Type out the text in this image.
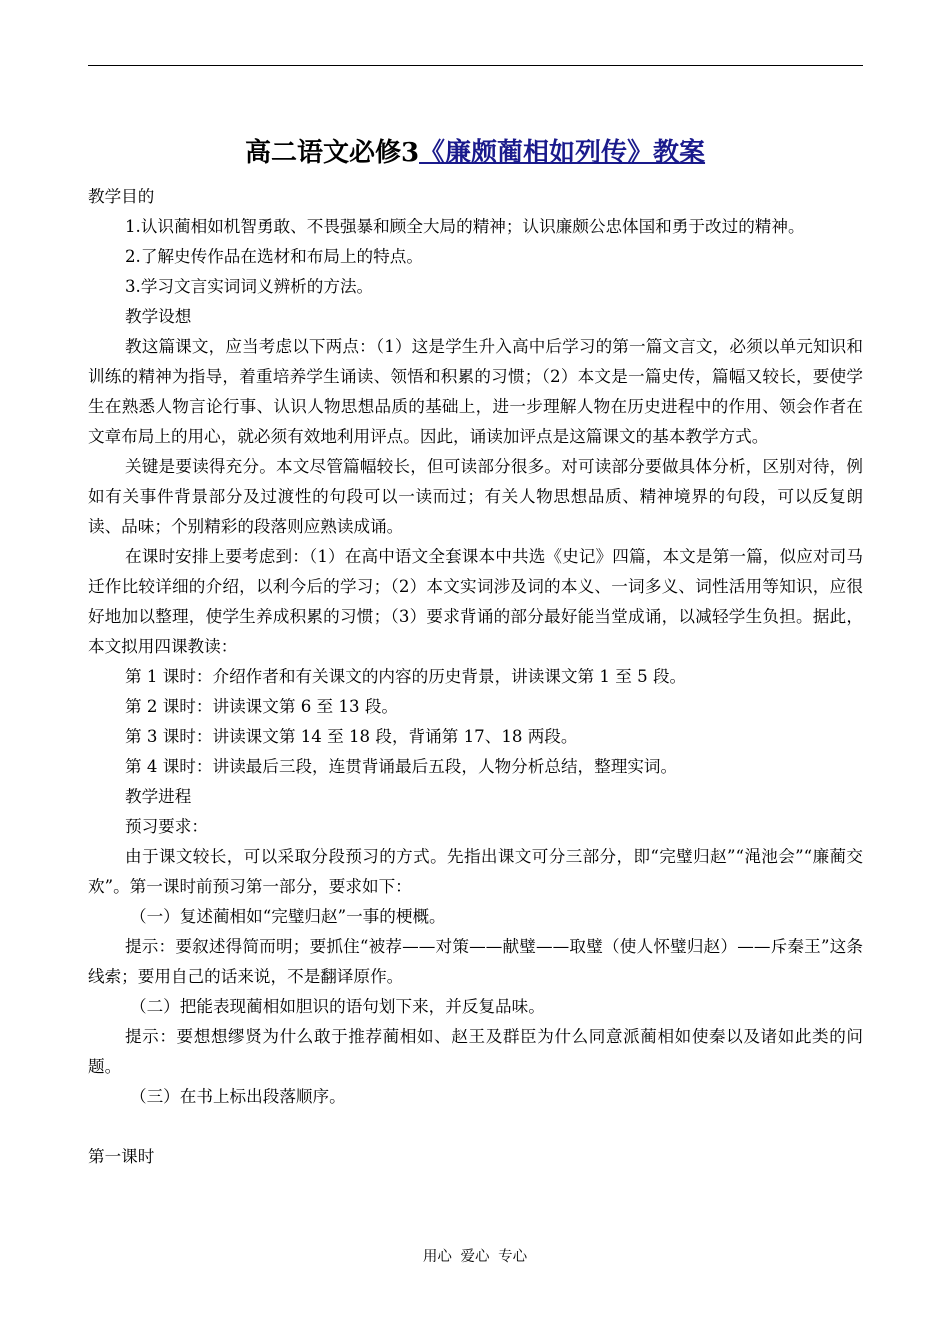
高二语文必修3《廉颇蔺相如列传》教案

教学目的

1.认识蔺相如机智勇敢、不畏强暴和顾全大局的精神；认识廉颇公忠体国和勇于改过的精神。

2.了解史传作品在选材和布局上的特点。

3.学习文言实词词义辨析的方法。

教学设想

教这篇课文，应当考虑以下两点：（1）这是学生升入高中后学习的第一篇文言文，必须以单元知识和训练的精神为指导，着重培养学生诵读、领悟和积累的习惯；（2）本文是一篇史传，篇幅又较长，要使学生在熟悉人物言论行事、认识人物思想品质的基础上，进一步理解人物在历史进程中的作用、领会作者在文章布局上的用心，就必须有效地利用评点。因此，诵读加评点是这篇课文的基本教学方式。

关键是要读得充分。本文尽管篇幅较长，但可读部分很多。对可读部分要做具体分析，区别对待，例如有关事件背景部分及过渡性的句段可以一读而过；有关人物思想品质、精神境界的句段，可以反复朗读、品味；个别精彩的段落则应熟读成诵。

在课时安排上要考虑到：（1）在高中语文全套课本中共选《史记》四篇，本文是第一篇，似应对司马迁作比较详细的介绍，以利今后的学习；（2）本文实词涉及词的本义、一词多义、词性活用等知识，应很好地加以整理，使学生养成积累的习惯；（3）要求背诵的部分最好能当堂成诵，以减轻学生负担。据此，本文拟用四课教读：

第 1 课时：介绍作者和有关课文的内容的历史背景，讲读课文第 1 至 5 段。

第 2 课时：讲读课文第 6 至 13 段。

第 3 课时：讲读课文第 14 至 18 段，背诵第 17、18 两段。

第 4 课时：讲读最后三段，连贯背诵最后五段，人物分析总结，整理实词。

教学进程

预习要求：

由于课文较长，可以采取分段预习的方式。先指出课文可分三部分，即“完璧归赵”“渑池会”“廉蔺交欢”。第一课时前预习第一部分，要求如下：

（一）复述蔺相如“完璧归赵”一事的梗概。

提示：要叙述得简而明；要抓住“被荐——对策——献璧——取璧（使人怀璧归赵）——斥秦王”这条线索；要用自己的话来说，不是翻译原作。

（二）把能表现蔺相如胆识的语句划下来，并反复品味。

提示：要想想缪贤为什么敢于推荐蔺相如、赵王及群臣为什么同意派蔺相如使秦以及诸如此类的问题。

（三）在书上标出段落顺序。

第一课时

用心 爱心 专心
